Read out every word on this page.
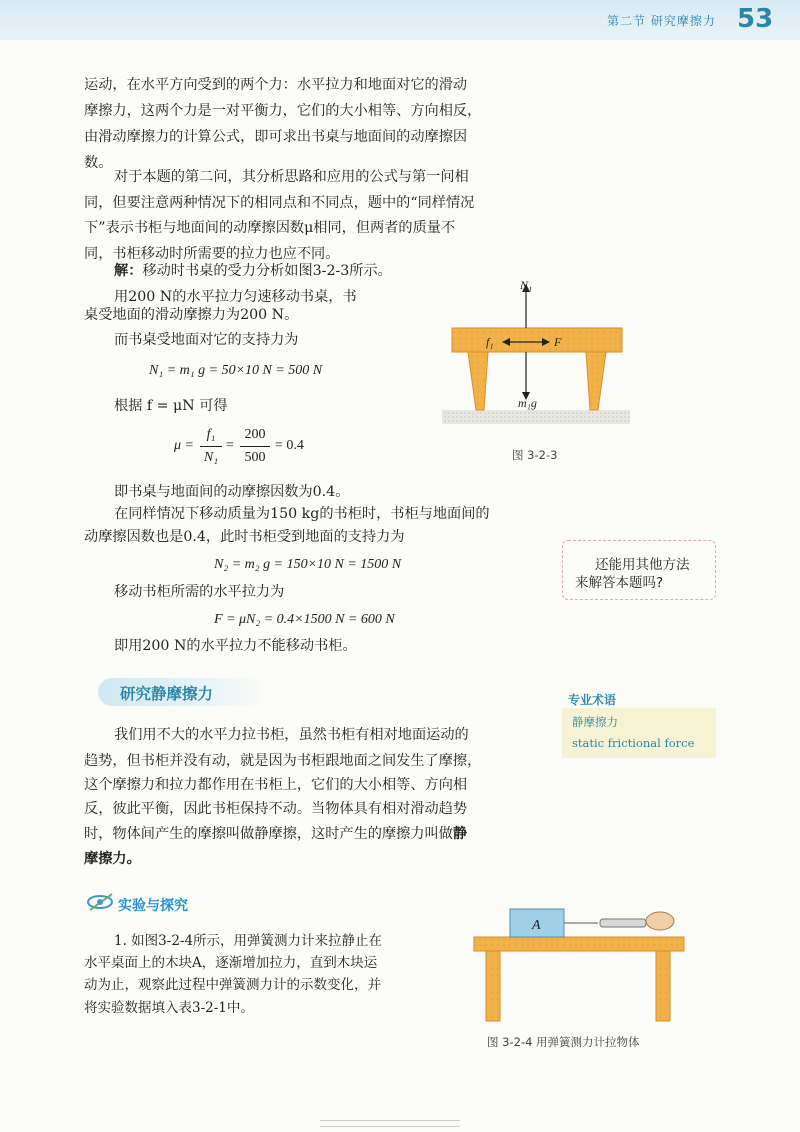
第二节 研究摩擦力 53
运动，在水平方向受到的两个力：水平拉力和地面对它的滑动
摩擦力，这两个力是一对平衡力，它们的大小相等、方向相反，
由滑动摩擦力的计算公式，即可求出书桌与地面间的动摩擦因
数。
对于本题的第二问，其分析思路和应用的公式与第一问相
同，但要注意两种情况下的相同点和不同点，题中的“同样情况
下”表示书柜与地面间的动摩擦因数μ相同，但两者的质量不
同，书柜移动时所需要的拉力也应不同。
解：移动时书桌的受力分析如图3-2-3所示。
用200 N的水平拉力匀速移动书桌，书
桌受地面的滑动摩擦力为200 N。
而书桌受地面对它的支持力为
N₁ = m₁ g = 50×10 N = 500 N
根据 f = μN 可得
μ =
f₁
N₁
=
200
500
= 0.4
即书桌与地面间的动摩擦因数为0.4。
在同样情况下移动质量为150 kg的书柜时，书柜与地面间的
动摩擦因数也是0.4，此时书柜受到地面的支持力为
N₂ = m₂ g = 150×10 N = 1500 N
移动书柜所需的水平拉力为
F = μN₂ = 0.4×1500 N = 600 N
即用200 N的水平拉力不能移动书柜。
N₁
f₁	F
m₁g
图 3-2-3
还能用其他方法
来解答本题吗?
研究静摩擦力	专业术语
静摩擦力
static frictional force
我们用不大的水平力拉书柜，虽然书柜有相对地面运动的
趋势，但书柜并没有动，就是因为书柜跟地面之间发生了摩擦，
这个摩擦力和拉力都作用在书柜上，它们的大小相等、方向相
反，彼此平衡，因此书柜保持不动。当物体具有相对滑动趋势
时，物体间产生的摩擦叫做静摩擦，这时产生的摩擦力叫做静
摩擦力。
实验与探究
1. 如图3-2-4所示，用弹簧测力计来拉静止在
水平桌面上的木块A，逐渐增加拉力，直到木块运
动为止，观察此过程中弹簧测力计的示数变化，并
将实验数据填入表3-2-1中。
A
图 3-2-4 用弹簧测力计拉物体
